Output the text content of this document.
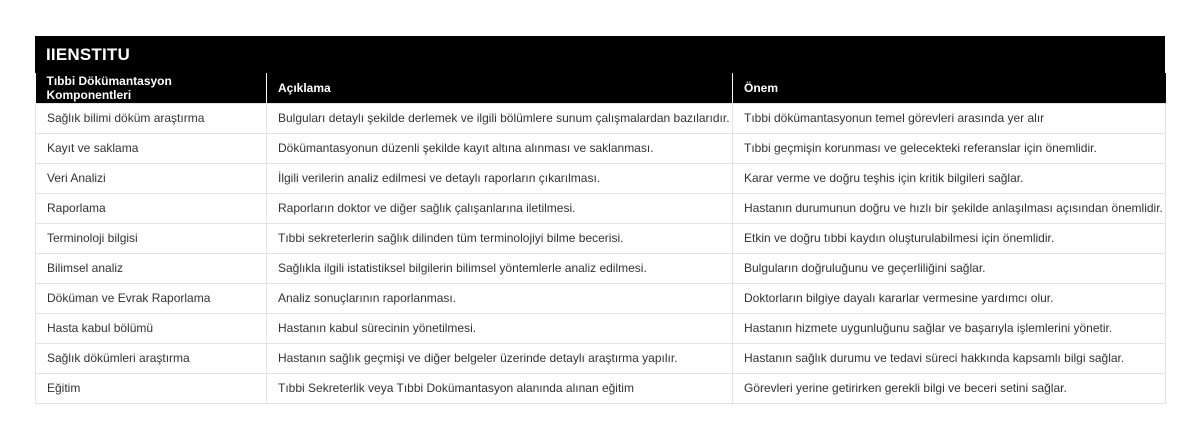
IIENSTITU
Tıbbi Dökümantasyon Komponentleri	Açıklama	Önem
Sağlık bilimi döküm araştırma	Bulguları detaylı şekilde derlemek ve ilgili bölümlere sunum çalışmalardan bazılarıdır.	Tıbbi dökümantasyonun temel görevleri arasında yer alır
Kayıt ve saklama	Dökümantasyonun düzenli şekilde kayıt altına alınması ve saklanması.	Tıbbi geçmişin korunması ve gelecekteki referanslar için önemlidir.
Veri Analizi	İlgili verilerin analiz edilmesi ve detaylı raporların çıkarılması.	Karar verme ve doğru teşhis için kritik bilgileri sağlar.
Raporlama	Raporların doktor ve diğer sağlık çalışanlarına iletilmesi.	Hastanın durumunun doğru ve hızlı bir şekilde anlaşılması açısından önemlidir.
Terminoloji bilgisi	Tıbbi sekreterlerin sağlık dilinden tüm terminolojiyi bilme becerisi.	Etkin ve doğru tıbbi kaydın oluşturulabilmesi için önemlidir.
Bilimsel analiz	Sağlıkla ilgili istatistiksel bilgilerin bilimsel yöntemlerle analiz edilmesi.	Bulguların doğruluğunu ve geçerliliğini sağlar.
Döküman ve Evrak Raporlama	Analiz sonuçlarının raporlanması.	Doktorların bilgiye dayalı kararlar vermesine yardımcı olur.
Hasta kabul bölümü	Hastanın kabul sürecinin yönetilmesi.	Hastanın hizmete uygunluğunu sağlar ve başarıyla işlemlerini yönetir.
Sağlık dökümleri araştırma	Hastanın sağlık geçmişi ve diğer belgeler üzerinde detaylı araştırma yapılır.	Hastanın sağlık durumu ve tedavi süreci hakkında kapsamlı bilgi sağlar.
Eğitim	Tıbbi Sekreterlik veya Tıbbi Dokümantasyon alanında alınan eğitim	Görevleri yerine getirirken gerekli bilgi ve beceri setini sağlar.
